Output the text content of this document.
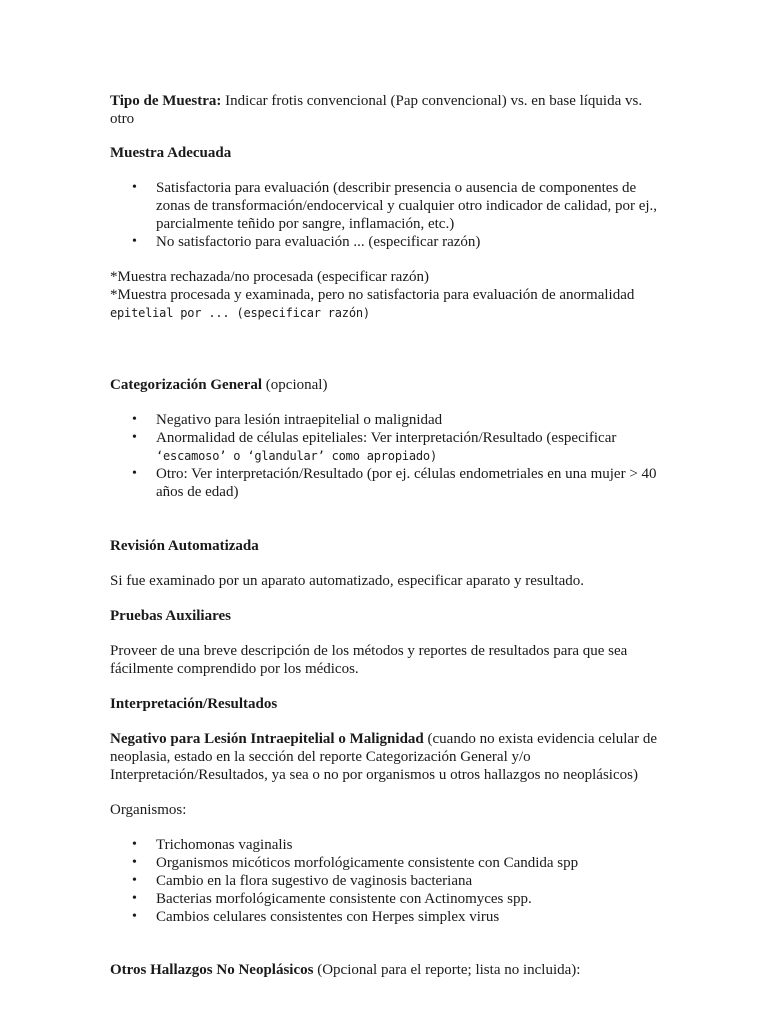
Tipo de Muestra: Indicar frotis convencional (Pap convencional) vs. en base líquida vs. otro

Muestra Adecuada

• Satisfactoria para evaluación (describir presencia o ausencia de componentes de zonas de transformación/endocervical y cualquier otro indicador de calidad, por ej., parcialmente teñido por sangre, inflamación, etc.)
• No satisfactorio para evaluación ... (especificar razón)

*Muestra rechazada/no procesada (especificar razón)

*Muestra procesada y examinada, pero no satisfactoria para evaluación de anormalidad
epitelial por ... (especificar razón)

Categorización General (opcional)

• Negativo para lesión intraepitelial o malignidad
• Anormalidad de células epiteliales: Ver interpretación/Resultado (especificar
‘escamoso’ o ‘glandular’ como apropiado)
• Otro: Ver interpretación/Resultado (por ej. células endometriales en una mujer > 40 años de edad)

Revisión Automatizada

Si fue examinado por un aparato automatizado, especificar aparato y resultado.

Pruebas Auxiliares

Proveer de una breve descripción de los métodos y reportes de resultados para que sea fácilmente comprendido por los médicos.

Interpretación/Resultados

Negativo para Lesión Intraepitelial o Malignidad (cuando no exista evidencia celular de neoplasia, estado en la sección del reporte Categorización General y/o Interpretación/Resultados, ya sea o no por organismos u otros hallazgos no neoplásicos)

Organismos:

• Trichomonas vaginalis
• Organismos micóticos morfológicamente consistente con Candida spp
• Cambio en la flora sugestivo de vaginosis bacteriana
• Bacterias morfológicamente consistente con Actinomyces spp.
• Cambios celulares consistentes con Herpes simplex virus

Otros Hallazgos No Neoplásicos (Opcional para el reporte; lista no incluida):
